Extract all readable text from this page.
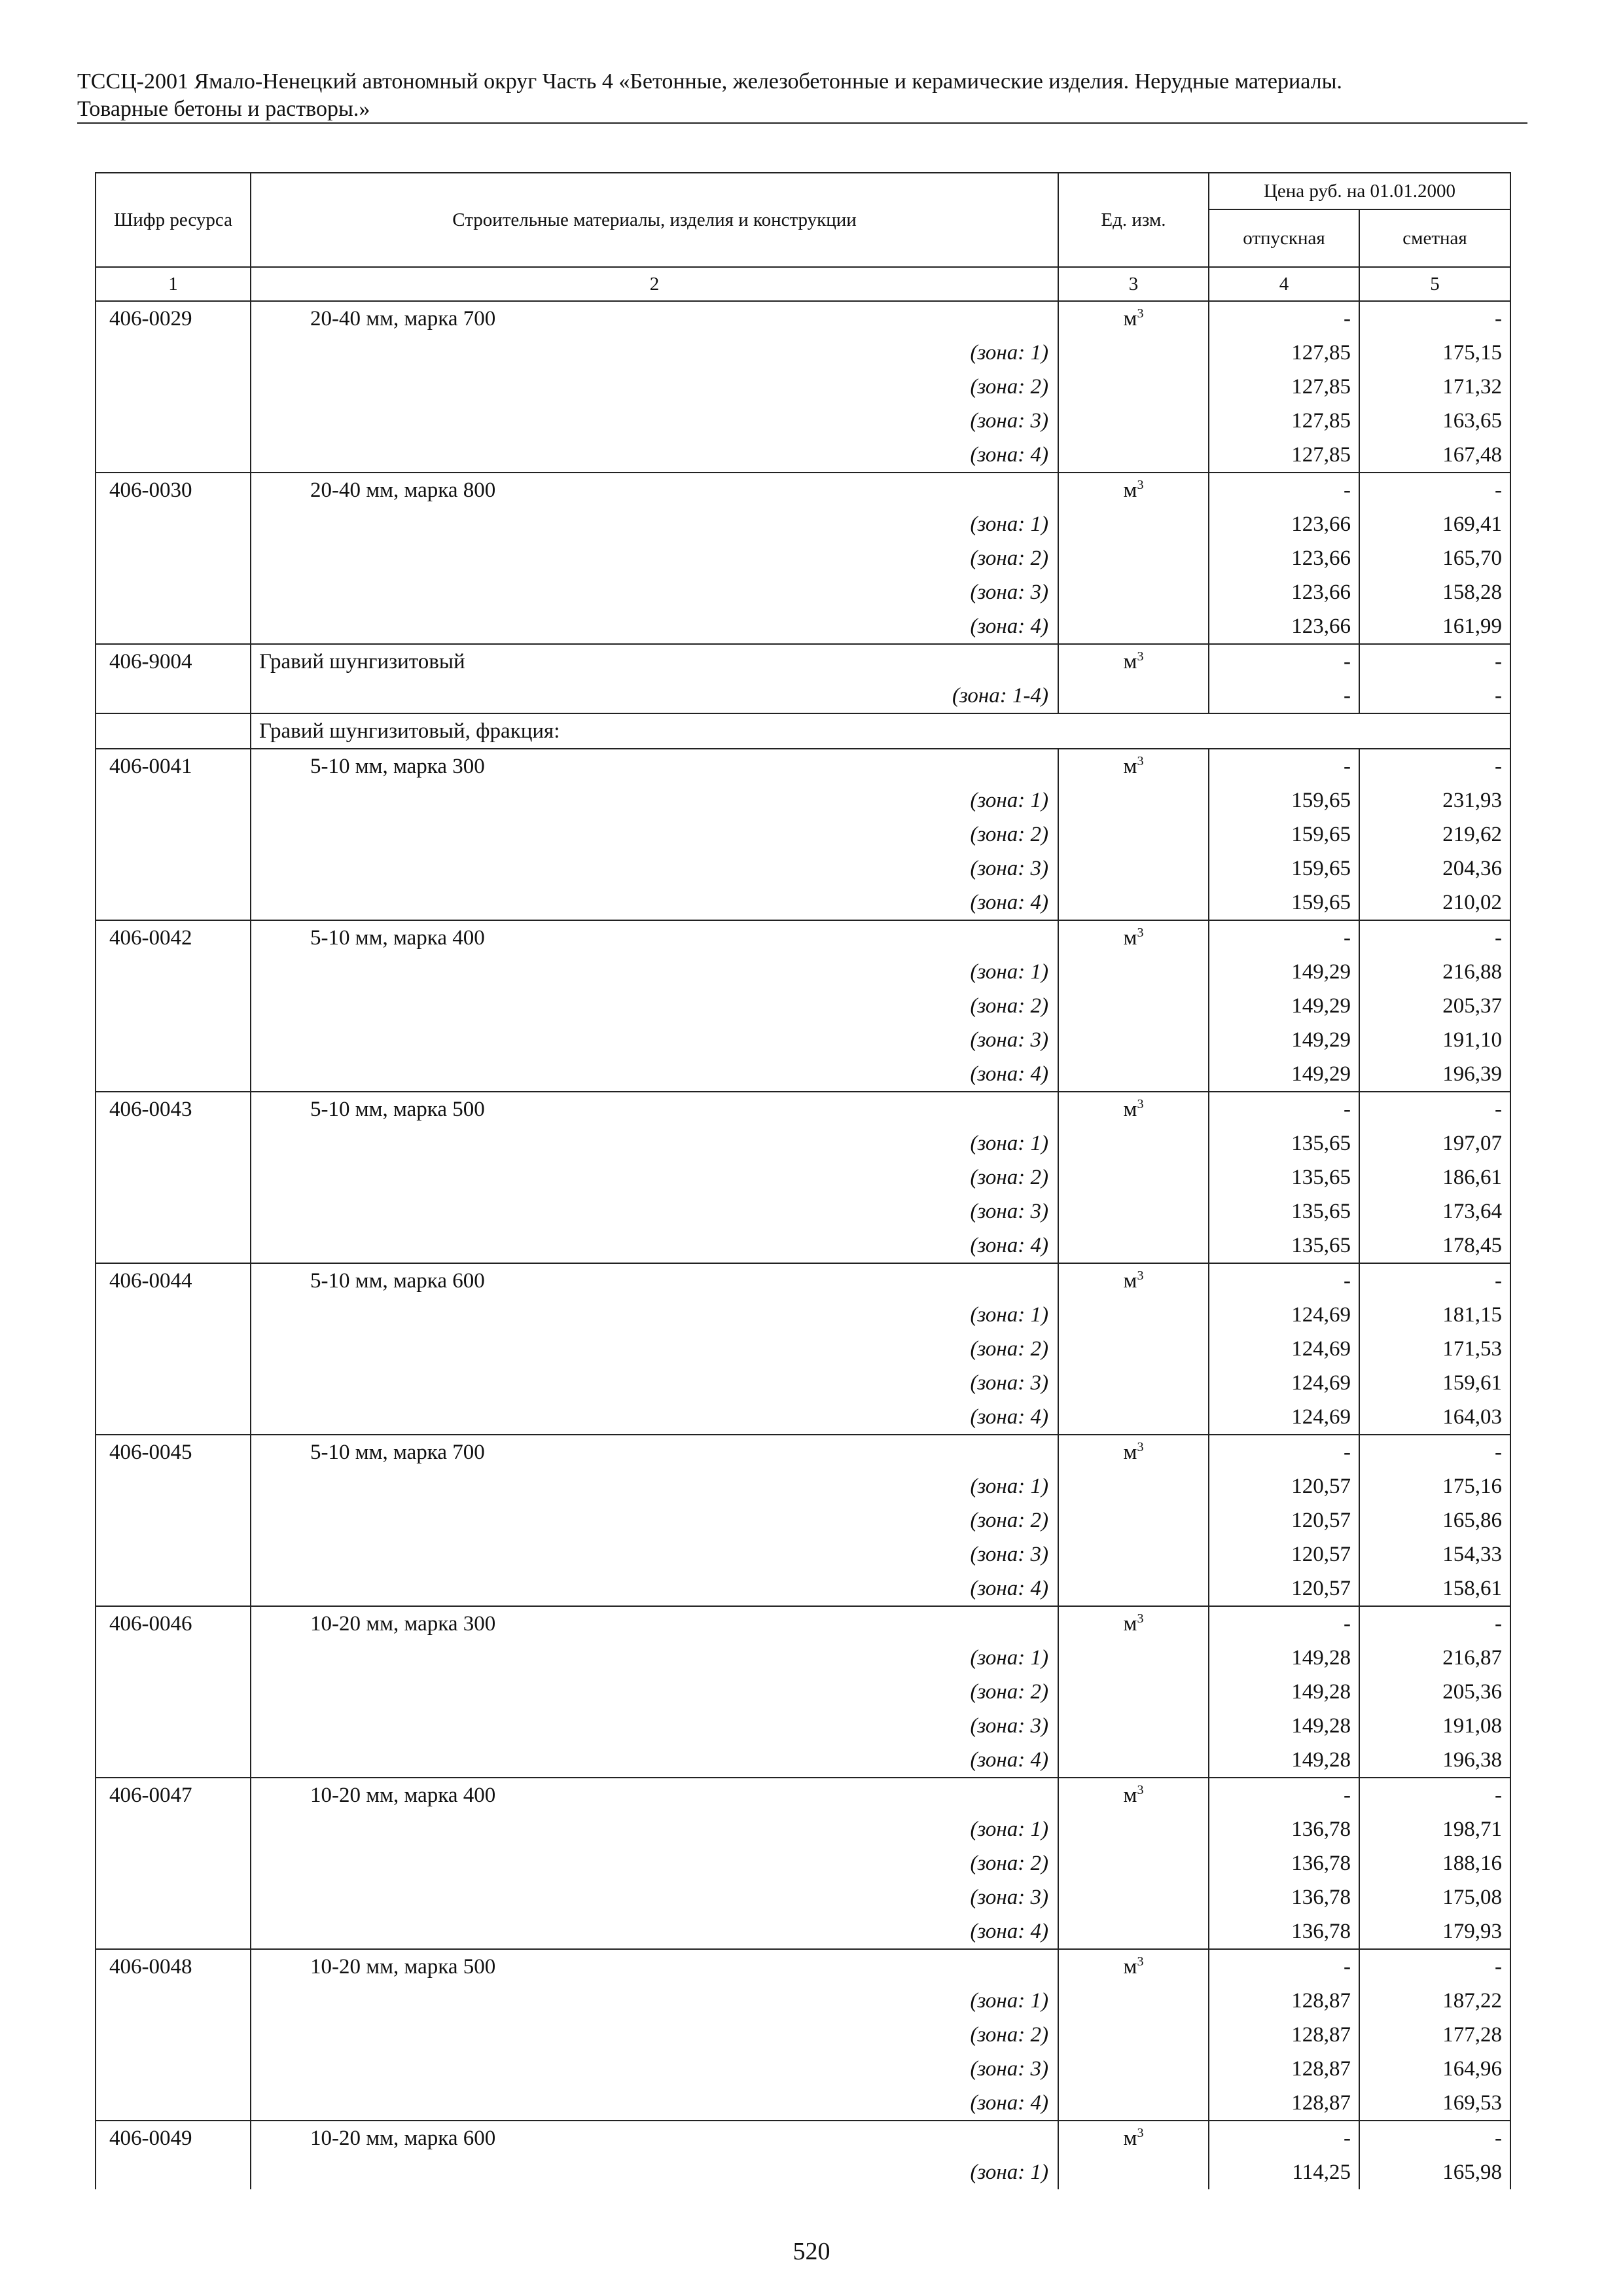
ТССЦ-2001 Ямало-Ненецкий автономный округ Часть 4 «Бетонные, железобетонные и керамические изделия. Нерудные материалы.
Товарные бетоны и растворы.»
Шифр ресурса	Строительные материалы, изделия и конструкции	Ед. изм.	Цена руб. на 01.01.2000	
			отпускная	сметная
1	2	3	4	5
406-0029	20-40 мм, марка 700	$м^3$	-	-
	(зона: 1)		127,85	175,15
	(зона: 2)		127,85	171,32
	(зона: 3)		127,85	163,65
	(зона: 4)		127,85	167,48
406-0030	20-40 мм, марка 800	$м^3$	-	-
	(зона: 1)		123,66	169,41
	(зона: 2)		123,66	165,70
	(зона: 3)		123,66	158,28
	(зона: 4)		123,66	161,99
406-9004	Гравий шунгизитовый	$м^3$	-	-
	(зона: 1-4)		-	-
	Гравий шунгизитовый, фракция:			
406-0041	5-10 мм, марка 300	$м^3$	-	-
	(зона: 1)		159,65	231,93
	(зона: 2)		159,65	219,62
	(зона: 3)		159,65	204,36
	(зона: 4)		159,65	210,02
406-0042	5-10 мм, марка 400	$м^3$	-	-
	(зона: 1)		149,29	216,88
	(зона: 2)		149,29	205,37
	(зона: 3)		149,29	191,10
	(зона: 4)		149,29	196,39
406-0043	5-10 мм, марка 500	$м^3$	-	-
	(зона: 1)		135,65	197,07
	(зона: 2)		135,65	186,61
	(зона: 3)		135,65	173,64
	(зона: 4)		135,65	178,45
406-0044	5-10 мм, марка 600	$м^3$	-	-
	(зона: 1)		124,69	181,15
	(зона: 2)		124,69	171,53
	(зона: 3)		124,69	159,61
	(зона: 4)		124,69	164,03
406-0045	5-10 мм, марка 700	$м^3$	-	-
	(зона: 1)		120,57	175,16
	(зона: 2)		120,57	165,86
	(зона: 3)		120,57	154,33
	(зона: 4)		120,57	158,61
406-0046	10-20 мм, марка 300	$м^3$	-	-
	(зона: 1)		149,28	216,87
	(зона: 2)		149,28	205,36
	(зона: 3)		149,28	191,08
	(зона: 4)		149,28	196,38
406-0047	10-20 мм, марка 400	$м^3$	-	-
	(зона: 1)		136,78	198,71
	(зона: 2)		136,78	188,16
	(зона: 3)		136,78	175,08
	(зона: 4)		136,78	179,93
406-0048	10-20 мм, марка 500	$м^3$	-	-
	(зона: 1)		128,87	187,22
	(зона: 2)		128,87	177,28
	(зона: 3)		128,87	164,96
	(зона: 4)		128,87	169,53
406-0049	10-20 мм, марка 600	$м^3$	-	-
	(зона: 1)		114,25	165,98
520
